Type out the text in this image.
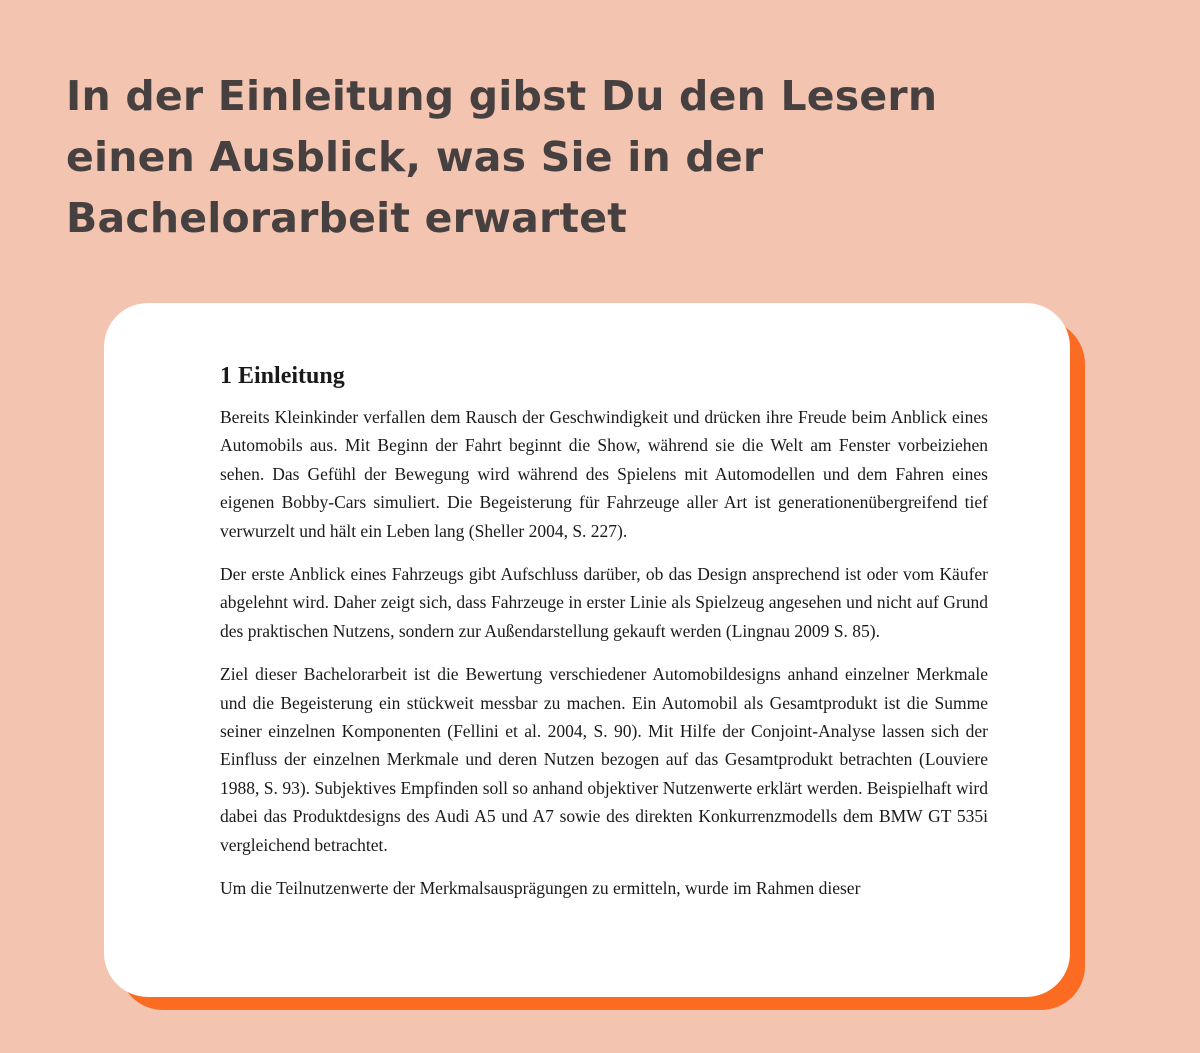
In der Einleitung gibst Du den Lesern einen Ausblick, was Sie in der Bachelorarbeit erwartet
1 Einleitung

Bereits Kleinkinder verfallen dem Rausch der Geschwindigkeit und drücken ihre Freude beim Anblick eines Automobils aus. Mit Beginn der Fahrt beginnt die Show, während sie die Welt am Fenster vorbeiziehen sehen. Das Gefühl der Bewegung wird während des Spielens mit Automodellen und dem Fahren eines eigenen Bobby-Cars simuliert. Die Begeisterung für Fahrzeuge aller Art ist generationenübergreifend tief verwurzelt und hält ein Leben lang (Sheller 2004, S. 227).

Der erste Anblick eines Fahrzeugs gibt Aufschluss darüber, ob das Design ansprechend ist oder vom Käufer abgelehnt wird. Daher zeigt sich, dass Fahrzeuge in erster Linie als Spielzeug angesehen und nicht auf Grund des praktischen Nutzens, sondern zur Außendarstellung gekauft werden (Lingnau 2009 S. 85).

Ziel dieser Bachelorarbeit ist die Bewertung verschiedener Automobildesigns anhand einzelner Merkmale und die Begeisterung ein stückweit messbar zu machen. Ein Automobil als Gesamtprodukt ist die Summe seiner einzelnen Komponenten (Fellini et al. 2004, S. 90). Mit Hilfe der Conjoint-Analyse lassen sich der Einfluss der einzelnen Merkmale und deren Nutzen bezogen auf das Gesamtprodukt betrachten (Louviere 1988, S. 93). Subjektives Empfinden soll so anhand objektiver Nutzenwerte erklärt werden. Beispielhaft wird dabei das Produktdesigns des Audi A5 und A7 sowie des direkten Konkurrenzmodells dem BMW GT 535i vergleichend betrachtet.

Um die Teilnutzenwerte der Merkmalsausprägungen zu ermitteln, wurde im Rahmen dieser
